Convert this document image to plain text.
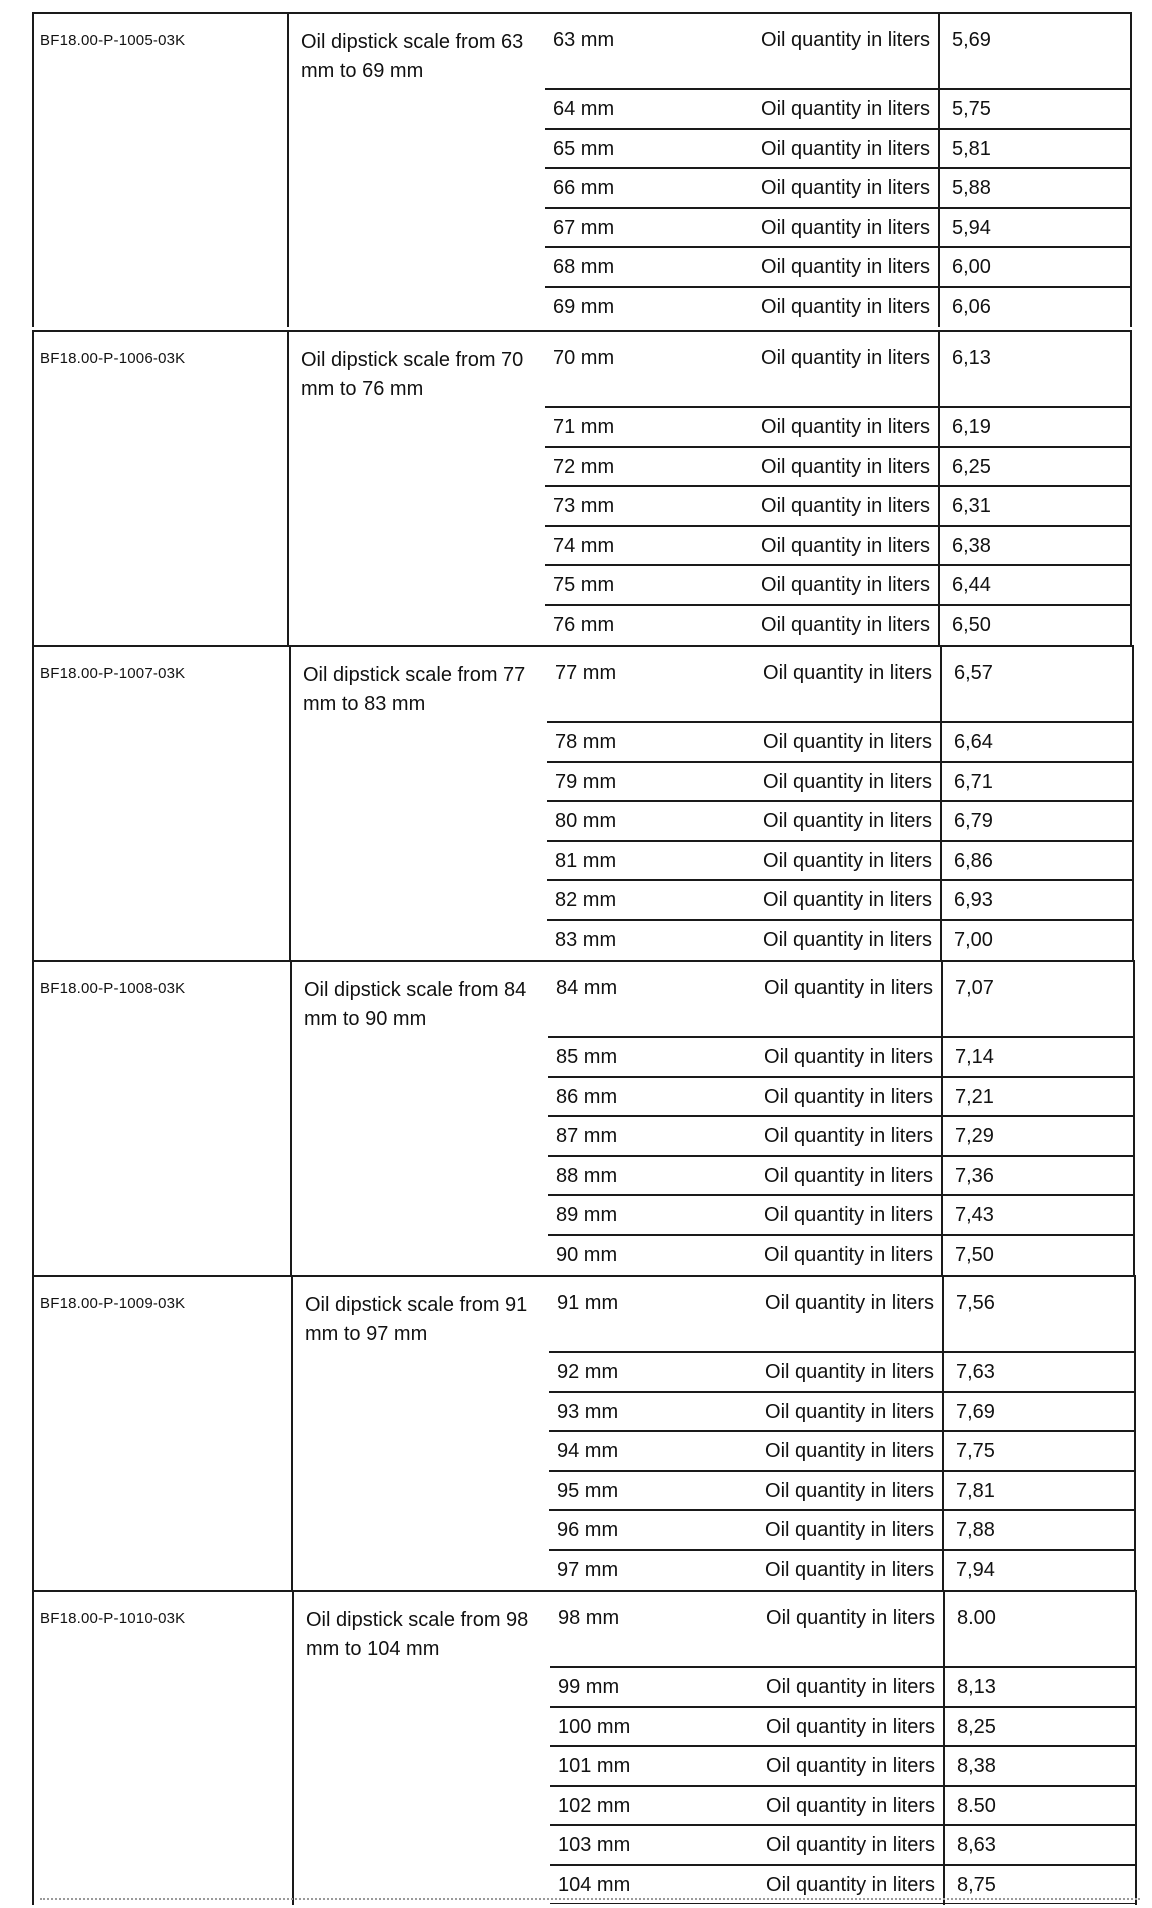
BF18.00-P-1005-03K	Oil dipstick scale from 63 mm to 69 mm
63 mm	Oil quantity in liters 5,69
64 mm	Oil quantity in liters 5,75
65 mm	Oil quantity in liters 5,81
66 mm	Oil quantity in liters 5,88
67 mm	Oil quantity in liters 5,94
68 mm	Oil quantity in liters 6,00
69 mm	Oil quantity in liters 6,06
BF18.00-P-1006-03K	Oil dipstick scale from 70 mm to 76 mm
70 mm	Oil quantity in liters 6,13
71 mm	Oil quantity in liters 6,19
72 mm	Oil quantity in liters 6,25
73 mm	Oil quantity in liters 6,31
74 mm	Oil quantity in liters 6,38
75 mm	Oil quantity in liters 6,44
76 mm	Oil quantity in liters 6,50
BF18.00-P-1007-03K	Oil dipstick scale from 77 mm to 83 mm
77 mm	Oil quantity in liters 6,57
78 mm	Oil quantity in liters 6,64
79 mm	Oil quantity in liters 6,71
80 mm	Oil quantity in liters 6,79
81 mm	Oil quantity in liters 6,86
82 mm	Oil quantity in liters 6,93
83 mm	Oil quantity in liters 7,00
BF18.00-P-1008-03K	Oil dipstick scale from 84 mm to 90 mm
84 mm	Oil quantity in liters 7,07
85 mm	Oil quantity in liters 7,14
86 mm	Oil quantity in liters 7,21
87 mm	Oil quantity in liters 7,29
88 mm	Oil quantity in liters 7,36
89 mm	Oil quantity in liters 7,43
90 mm	Oil quantity in liters 7,50
BF18.00-P-1009-03K	Oil dipstick scale from 91 mm to 97 mm
91 mm	Oil quantity in liters 7,56
92 mm	Oil quantity in liters 7,63
93 mm	Oil quantity in liters 7,69
94 mm	Oil quantity in liters 7,75
95 mm	Oil quantity in liters 7,81
96 mm	Oil quantity in liters 7,88
97 mm	Oil quantity in liters 7,94
BF18.00-P-1010-03K	Oil dipstick scale from 98 mm to 104 mm
98 mm	Oil quantity in liters 8.00
99 mm	Oil quantity in liters 8,13
100 mm	Oil quantity in liters 8,25
101 mm	Oil quantity in liters 8,38
102 mm	Oil quantity in liters 8.50
103 mm	Oil quantity in liters 8,63
104 mm	Oil quantity in liters 8,75
